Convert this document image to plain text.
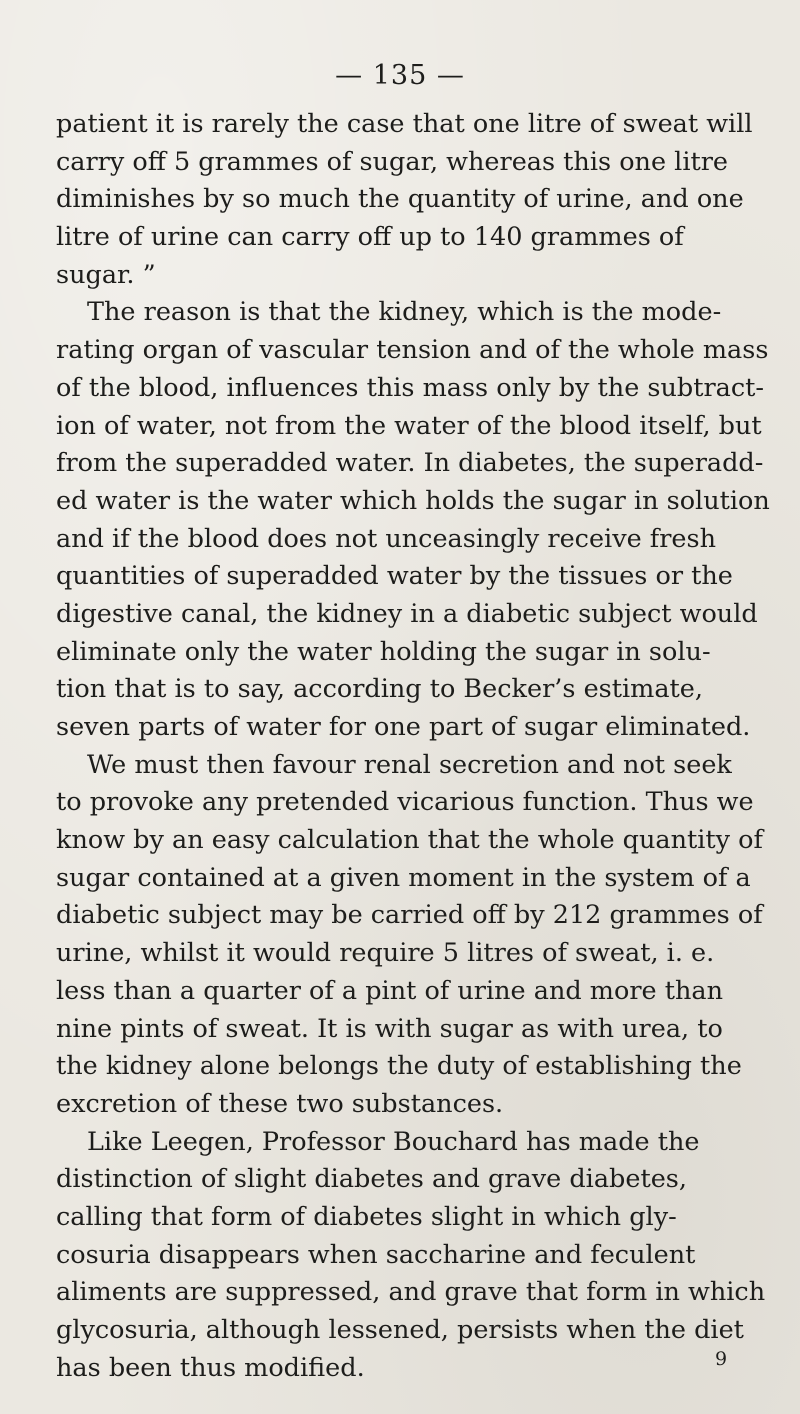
— 135 —
patient it is rarely the case that one litre of sweat will
carry off 5 grammes of sugar, whereas this one litre
diminishes by so much the quantity of urine, and one
litre of urine can carry off up to 140 grammes of
sugar. ”
The reason is that the kidney, which is the mode-
rating organ of vascular tension and of the whole mass
of the blood, influences this mass only by the subtract-
ion of water, not from the water of the blood itself, but
from the superadded water. In diabetes, the superadd-
ed water is the water which holds the sugar in solution
and if the blood does not unceasingly receive fresh
quantities of superadded water by the tissues or the
digestive canal, the kidney in a diabetic subject would
eliminate only the water holding the sugar in solu-
tion that is to say, according to Becker’s estimate,
seven parts of water for one part of sugar eliminated.
We must then favour renal secretion and not seek
to provoke any pretended vicarious function. Thus we
know by an easy calculation that the whole quantity of
sugar contained at a given moment in the system of a
diabetic subject may be carried off by 212 grammes of
urine, whilst it would require 5 litres of sweat, i. e.
less than a quarter of a pint of urine and more than
nine pints of sweat. It is with sugar as with urea, to
the kidney alone belongs the duty of establishing the
excretion of these two substances.
Like Leegen, Professor Bouchard has made the
distinction of slight diabetes and grave diabetes,
calling that form of diabetes slight in which gly-
cosuria disappears when saccharine and feculent
aliments are suppressed, and grave that form in which
glycosuria, although lessened, persists when the diet
has been thus modified.	9
